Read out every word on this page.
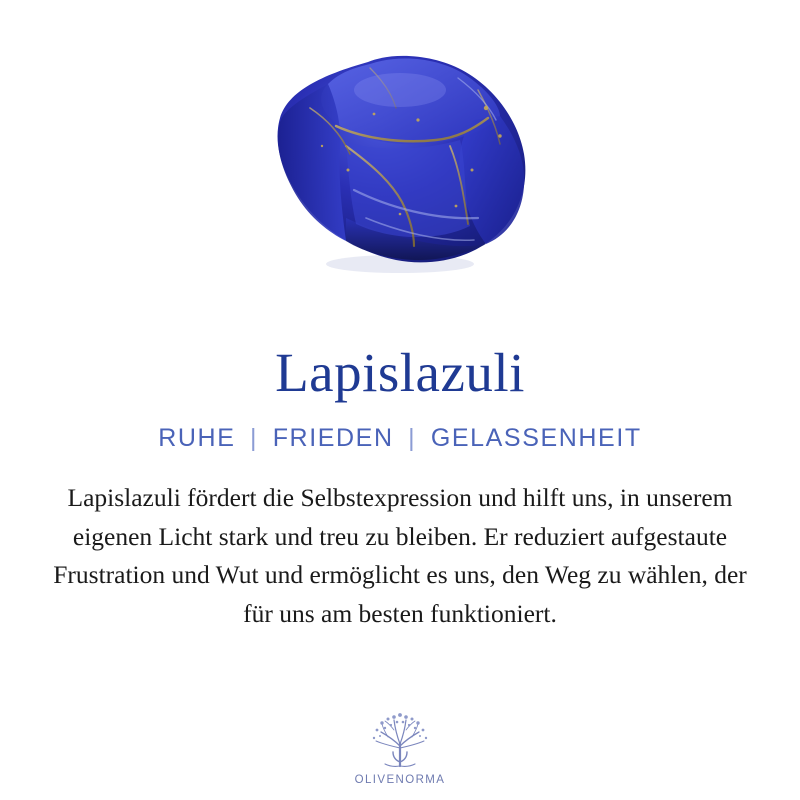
Lapislazuli
RUHE | FRIEDEN | GELASSENHEIT

Lapislazuli fördert die Selbstexpression und hilft uns, in unserem eigenen Licht stark und treu zu bleiben. Er reduziert aufgestaute Frustration und Wut und ermöglicht es uns, den Weg zu wählen, der für uns am besten funktioniert.

OLIVENORMA
